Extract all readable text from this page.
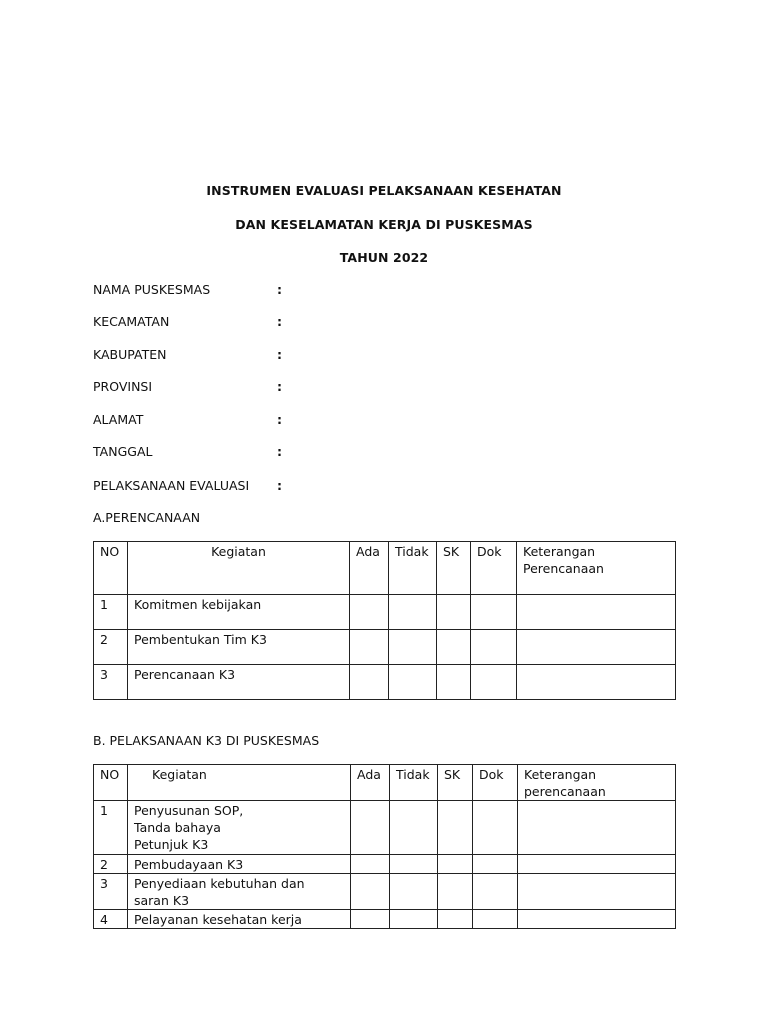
INSTRUMEN EVALUASI PELAKSANAAN KESEHATAN
DAN KESELAMATAN KERJA DI PUSKESMAS
TAHUN 2022
NAMA PUSKESMAS	:
KECAMATAN	:
KABUPATEN	:
PROVINSI	:
ALAMAT	:
TANGGAL	:
PELAKSANAAN EVALUASI :
A.PERENCANAAN
NO	Kegiatan	Ada	Tidak	SK	Dok	Keterangan
Perencanaan
1	Komitmen kebijakan					
2	Pembentukan Tim K3					
3	Perencanaan K3					
B. PELAKSANAAN K3 DI PUSKESMAS
NO	Kegiatan	Ada	Tidak	SK	Dok	Keterangan
perencanaan
1	Penyusunan SOP,
Tanda bahaya
Petunjuk K3					
2	Pembudayaan K3					
3	Penyediaan kebutuhan dan
saran K3					
4	Pelayanan kesehatan kerja					
